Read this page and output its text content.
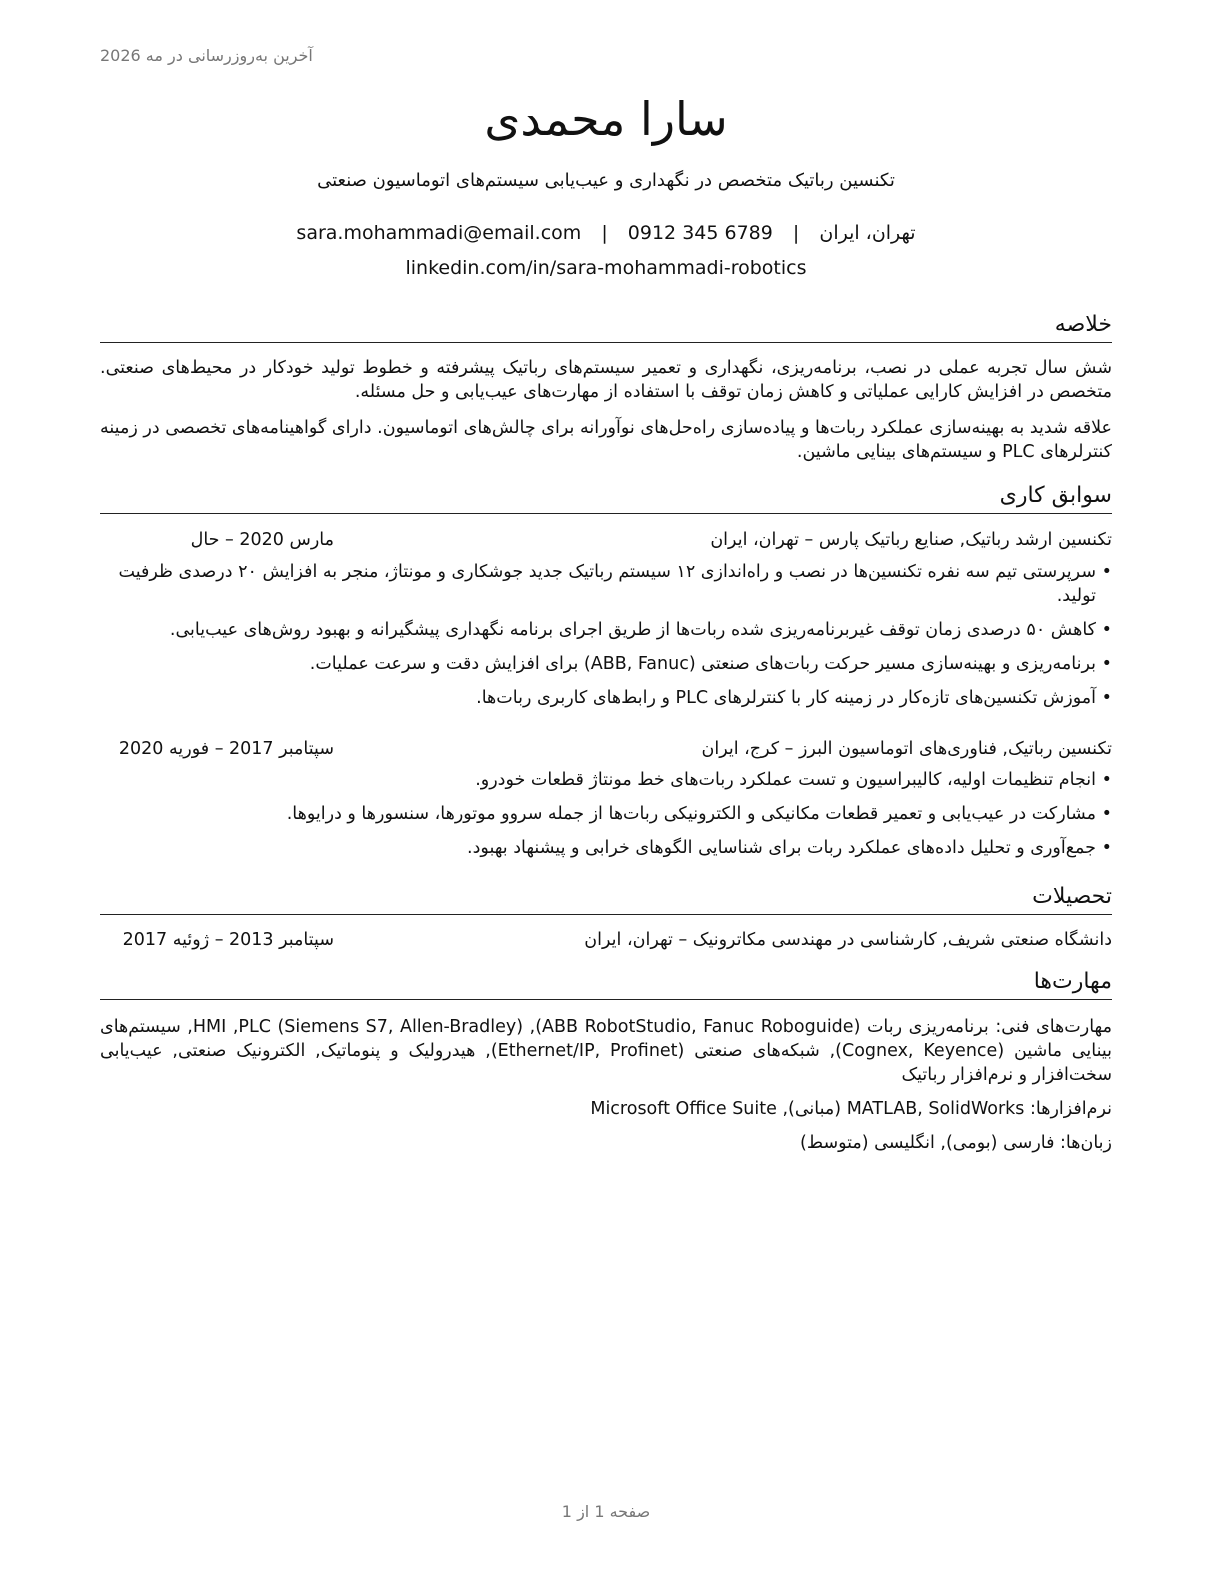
آخرین به‌روزرسانی در مه 2026
سارا محمدی
تکنسین رباتیک متخصص در نگهداری و عیب‌یابی سیستم‌های اتوماسیون صنعتی
تهران، ایران | sara.mohammadi@email.com | 0912 345 6789
linkedin.com/in/sara-mohammadi-robotics
خلاصه

شش سال تجربه عملی در نصب، برنامه‌ریزی، نگهداری و تعمیر سیستم‌های رباتیک پیشرفته و خطوط تولید خودکار در محیط‌های صنعتی. متخصص در افزایش کارایی عملیاتی و کاهش زمان توقف با استفاده از مهارت‌های عیب‌یابی و حل مسئله.

علاقه شدید به بهینه‌سازی عملکرد ربات‌ها و پیاده‌سازی راه‌حل‌های نوآورانه برای چالش‌های اتوماسیون. دارای گواهینامه‌های تخصصی در زمینه کنترلرهای PLC و سیستم‌های بینایی ماشین.

سوابق کاری
تکنسین ارشد رباتیک, صنایع رباتیک پارس – تهران، ایران
مارس 2020 – حال
• سرپرستی تیم سه نفره تکنسین‌ها در نصب و راه‌اندازی ۱۲ سیستم رباتیک جدید جوشکاری و مونتاژ، منجر به افزایش ۲۰ درصدی ظرفیت تولید.
• کاهش ۵۰ درصدی زمان توقف غیربرنامه‌ریزی شده ربات‌ها از طریق اجرای برنامه نگهداری پیشگیرانه و بهبود روش‌های عیب‌یابی.
• برنامه‌ریزی و بهینه‌سازی مسیر حرکت ربات‌های صنعتی (ABB, Fanuc) برای افزایش دقت و سرعت عملیات.
• آموزش تکنسین‌های تازه‌کار در زمینه کار با کنترلرهای PLC و رابط‌های کاربری ربات‌ها.
تکنسین رباتیک, فناوری‌های اتوماسیون البرز – کرج، ایران
سپتامبر 2017 – فوریه 2020
• انجام تنظیمات اولیه، کالیبراسیون و تست عملکرد ربات‌های خط مونتاژ قطعات خودرو.
• مشارکت در عیب‌یابی و تعمیر قطعات مکانیکی و الکترونیکی ربات‌ها از جمله سروو موتورها، سنسورها و درایوها.
• جمع‌آوری و تحلیل داده‌های عملکرد ربات برای شناسایی الگوهای خرابی و پیشنهاد بهبود.
تحصیلات
دانشگاه صنعتی شریف, کارشناسی در مهندسی مکاترونیک – تهران، ایران
سپتامبر 2013 – ژوئیه 2017
مهارت‌ها

مهارت‌های فنی: برنامه‌ریزی ربات (ABB RobotStudio, Fanuc Roboguide), HMI ,PLC (Siemens S7, Allen-Bradley), سیستم‌های بینایی ماشین (Cognex, Keyence), شبکه‌های صنعتی (Ethernet/IP, Profinet), هیدرولیک و پنوماتیک, الکترونیک صنعتی, عیب‌یابی سخت‌افزار و نرم‌افزار رباتیک

نرم‌افزارها: MATLAB, SolidWorks (مبانی), Microsoft Office Suite

زبان‌ها: فارسی (بومی), انگلیسی (متوسط)

صفحه 1 از 1
